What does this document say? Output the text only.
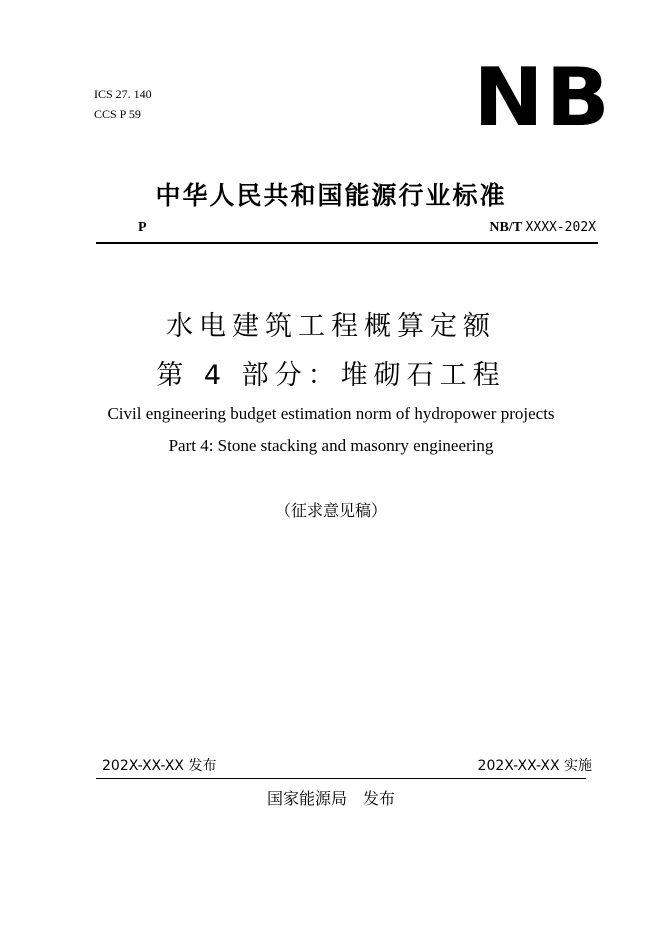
ICS 27. 140
CCS P 59	NB
中华人民共和国能源行业标准
P	NB/T XXXX-202X
水电建筑工程概算定额
第 4 部分：堆砌石工程
Civil engineering budget estimation norm of hydropower projects
Part 4: Stone stacking and masonry engineering
（征求意见稿）
202X-XX-XX 发布	202X-XX-XX 实施
国家能源局　发布
